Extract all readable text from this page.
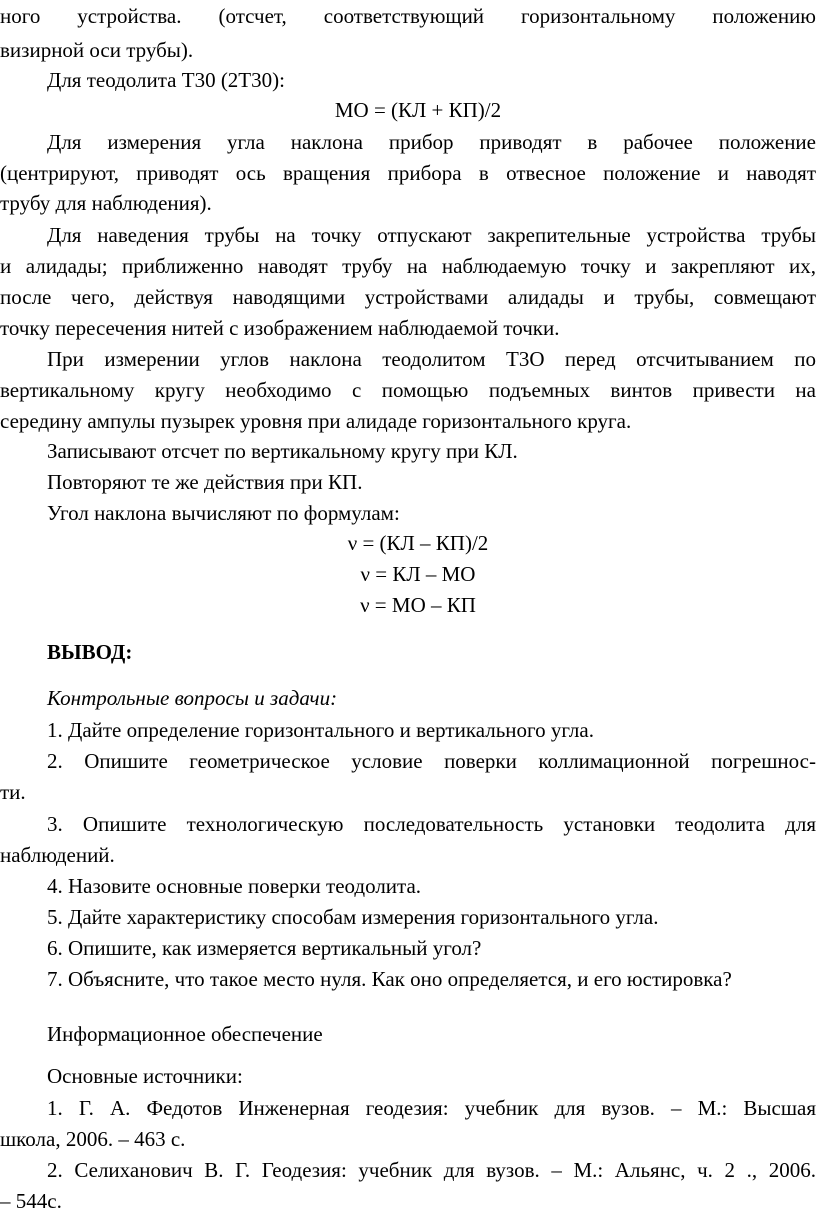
ного устройства. (отсчет, соответствующий горизонтальному положению
визирной оси трубы).
Для теодолита Т30 (2Т30):
МО = (КЛ + КП)/2
Для измерения угла наклона прибор приводят в рабочее положение
(центрируют, приводят ось вращения прибора в отвесное положение и наводят
трубу для наблюдения).
Для наведения трубы на точку отпускают закрепительные устройства трубы
и алидады; приближенно наводят трубу на наблюдаемую точку и закрепляют их,
после чего, действуя наводящими устройствами алидады и трубы, совмещают
точку пересечения нитей с изображением наблюдаемой точки.
При измерении углов наклона теодолитом Т3О перед отсчитыванием по
вертикальному кругу необходимо с помощью подъемных винтов привести на
середину ампулы пузырек уровня при алидаде горизонтального круга.
Записывают отсчет по вертикальному кругу при КЛ.
Повторяют те же действия при КП.
Угол наклона вычисляют по формулам:
ν = (КЛ – КП)/2
ν = КЛ – МО
ν = МО – КП
ВЫВОД:
Контрольные вопросы и задачи:
1. Дайте определение горизонтального и вертикального угла.
2. Опишите геометрическое условие поверки коллимационной погрешнос-
ти.
3. Опишите технологическую последовательность установки теодолита для
наблюдений.
4. Назовите основные поверки теодолита.
5. Дайте характеристику способам измерения горизонтального угла.
6. Опишите, как измеряется вертикальный угол?
7. Объясните, что такое место нуля. Как оно определяется, и его юстировка?
Информационное обеспечение
Основные источники:
1. Г. А. Федотов Инженерная геодезия: учебник для вузов. – М.: Высшая
школа, 2006. – 463 с.
2. Селиханович В. Г. Геодезия: учебник для вузов. – М.: Альянс, ч. 2 ., 2006.
– 544с.
